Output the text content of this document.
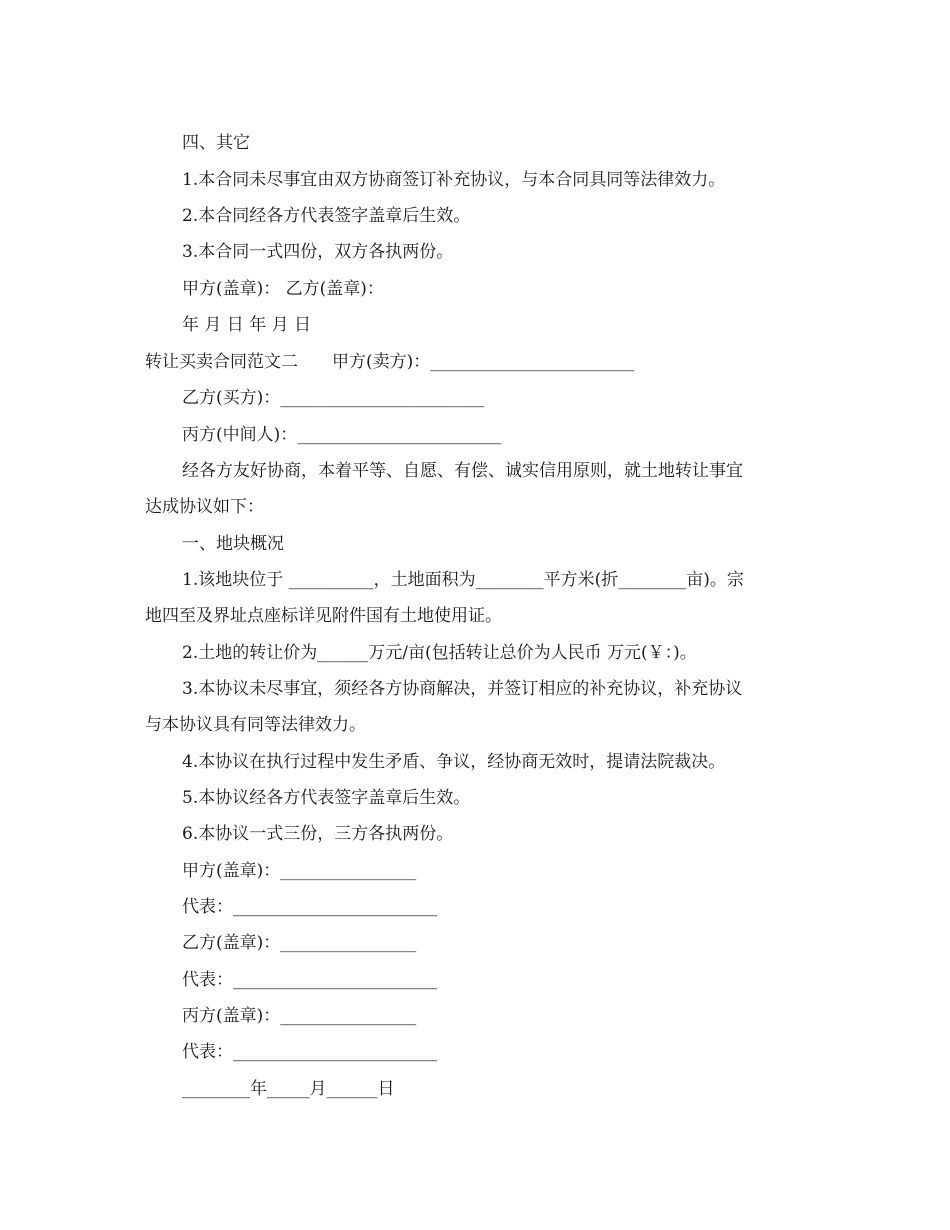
四、其它
1.本合同未尽事宜由双方协商签订补充协议，与本合同具同等法律效力。
2.本合同经各方代表签字盖章后生效。
3.本合同一式四份，双方各执两份。
甲方(盖章)： 乙方(盖章)：
年 月 日 年 月 日
转让买卖合同范文二　　甲方(卖方)：________________________
乙方(买方)：________________________
丙方(中间人)：________________________
经各方友好协商，本着平等、自愿、有偿、诚实信用原则，就土地转让事宜
达成协议如下：
一、地块概况
1.该地块位于 __________，土地面积为________平方米(折________亩)。宗
地四至及界址点座标详见附件国有土地使用证。
2.土地的转让价为______万元/亩(包括转让总价为人民币 万元(￥：)。
3.本协议未尽事宜，须经各方协商解决，并签订相应的补充协议，补充协议
与本协议具有同等法律效力。
4.本协议在执行过程中发生矛盾、争议，经协商无效时，提请法院裁决。
5.本协议经各方代表签字盖章后生效。
6.本协议一式三份，三方各执两份。
甲方(盖章)：________________
代表：________________________
乙方(盖章)：________________
代表：________________________
丙方(盖章)：________________
代表：________________________
________年_____月______日
